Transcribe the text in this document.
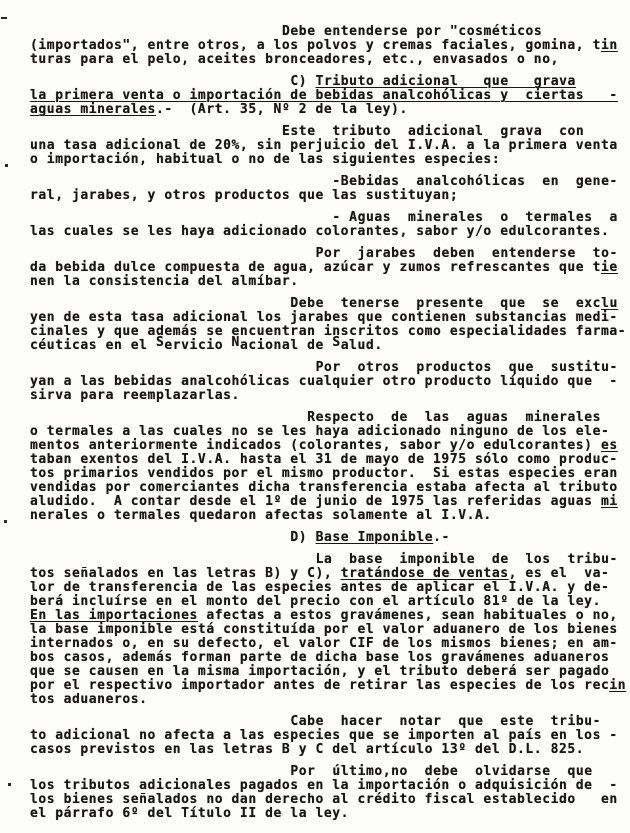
Debe entenderse por "cosméticos
(importados", entre otros, a los polvos y cremas faciales, gomina, tin
turas para el pelo, aceites bronceadores, etc., envasados o no,
C) Tributo adicional   que   grava
la primera venta o importación de bebidas analcohólicas y  ciertas   -
aguas minerales.-  (Art. 35, Nº 2 de la ley).
Este  tributo  adicional  grava  con
una tasa adicional de 20%, sin perjuicio del I.V.A. a la primera venta
o importación, habitual o no de las siguientes especies:
-Bebidas  analcohólicas  en  gene-
ral, jarabes, y otros productos que las sustituyan;
- Aguas  minerales  o  termales  a
las cuales se les haya adicionado colorantes, sabor y/o edulcorantes.
Por  jarabes  deben  entenderse  to-
da bebida dulce compuesta de agua, azúcar y zumos refrescantes que tie
nen la consistencia del almíbar.
Debe  tenerse  presente  que  se  exclu
yen de esta tasa adicional los jarabes que contienen substancias medi-
cinales y que además se encuentran inscritos como especialidades farma-
céuticas en el Servicio Nacional de Salud.
Por  otros  productos  que  sustitu-
yan a las bebidas analcohólicas cualquier otro producto líquido que  -
sirva para reemplazarlas.
Respecto  de  las  aguas  minerales
o termales a las cuales no se les haya adicionado ninguno de los ele-
mentos anteriormente indicados (colorantes, sabor y/o edulcorantes) es
taban exentos del I.V.A. hasta el 31 de mayo de 1975 sólo como produc-
tos primarios vendidos por el mismo productor.  Si estas especies eran
vendidas por comerciantes dicha transferencia estaba afecta al tributo
aludido.  A contar desde el 1º de junio de 1975 las referidas aguas mi
nerales o termales quedaron afectas solamente al I.V.A.
D) Base Imponible.-
La  base  imponible  de  los  tribu-
tos señalados en las letras B) y C), tratándose de ventas, es el  va-
lor de transferencia de las especies antes de aplicar el I.V.A. y de-
berá incluírse en el monto del precio con el artículo 81º de la ley.
En las importaciones afectas a estos gravámenes, sean habituales o no,
la base imponible está constituída por el valor aduanero de los bienes
internados o, en su defecto, el valor CIF de los mismos bienes; en am-
bos casos, además forman parte de dicha base los gravámenes aduaneros
que se causen en la misma importación, y el tributo deberá ser pagado
por el respectivo importador antes de retirar las especies de los recin
tos aduaneros.
Cabe  hacer  notar  que  este  tribu-
to adicional no afecta a las especies que se importen al país en los -
casos previstos en las letras B y C del artículo 13º del D.L. 825.
Por  último,no  debe  olvidarse  que
los tributos adicionales pagados en la importación o adquisición de  -
los bienes señalados no dan derecho al crédito fiscal establecido   en
el párrafo 6º del Título II de la ley.
